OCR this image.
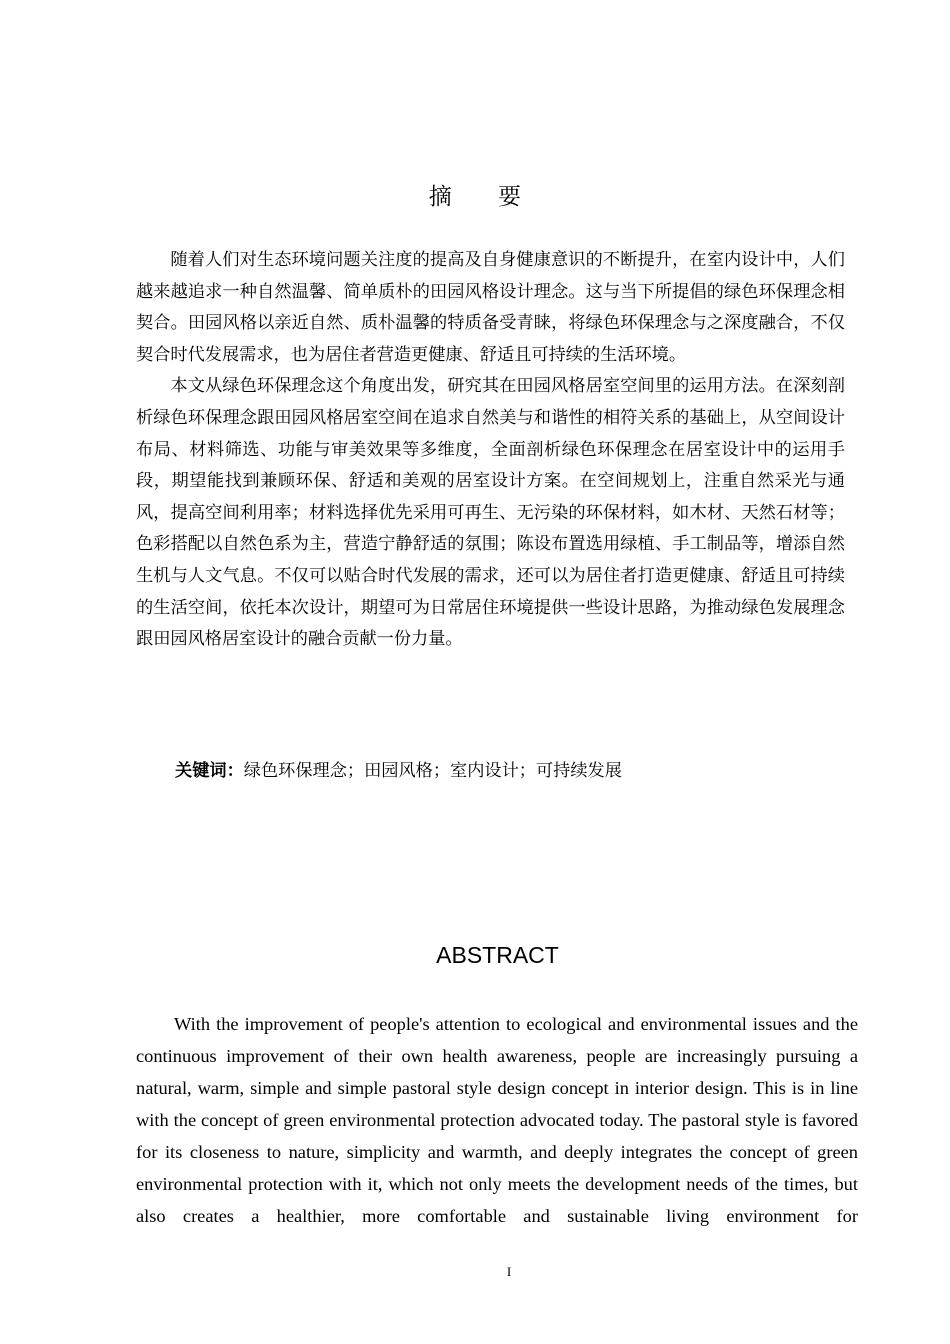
摘 要

随着人们对生态环境问题关注度的提高及自身健康意识的不断提升，在室内设计中，人们越来越追求一种自然温馨、简单质朴的田园风格设计理念。这与当下所提倡的绿色环保理念相契合。田园风格以亲近自然、质朴温馨的特质备受青睐，将绿色环保理念与之深度融合，不仅契合时代发展需求，也为居住者营造更健康、舒适且可持续的生活环境。

本文从绿色环保理念这个角度出发，研究其在田园风格居室空间里的运用方法。在深刻剖析绿色环保理念跟田园风格居室空间在追求自然美与和谐性的相符关系的基础上，从空间设计布局、材料筛选、功能与审美效果等多维度，全面剖析绿色环保理念在居室设计中的运用手段，期望能找到兼顾环保、舒适和美观的居室设计方案。在空间规划上，注重自然采光与通风，提高空间利用率；材料选择优先采用可再生、无污染的环保材料，如木材、天然石材等；色彩搭配以自然色系为主，营造宁静舒适的氛围；陈设布置选用绿植、手工制品等，增添自然生机与人文气息。不仅可以贴合时代发展的需求，还可以为居住者打造更健康、舒适且可持续的生活空间，依托本次设计，期望可为日常居住环境提供一些设计思路，为推动绿色发展理念跟田园风格居室设计的融合贡献一份力量。

关键词：绿色环保理念；田园风格；室内设计；可持续发展
ABSTRACT

With the improvement of people's attention to ecological and environmental issues and the continuous improvement of their own health awareness, people are increasingly pursuing a natural, warm, simple and simple pastoral style design concept in interior design. This is in line with the concept of green environmental protection advocated today. The pastoral style is favored for its closeness to nature, simplicity and warmth, and deeply integrates the concept of green environmental protection with it, which not only meets the development needs of the times, but also creates a healthier, more comfortable and sustainable living environment for

I
